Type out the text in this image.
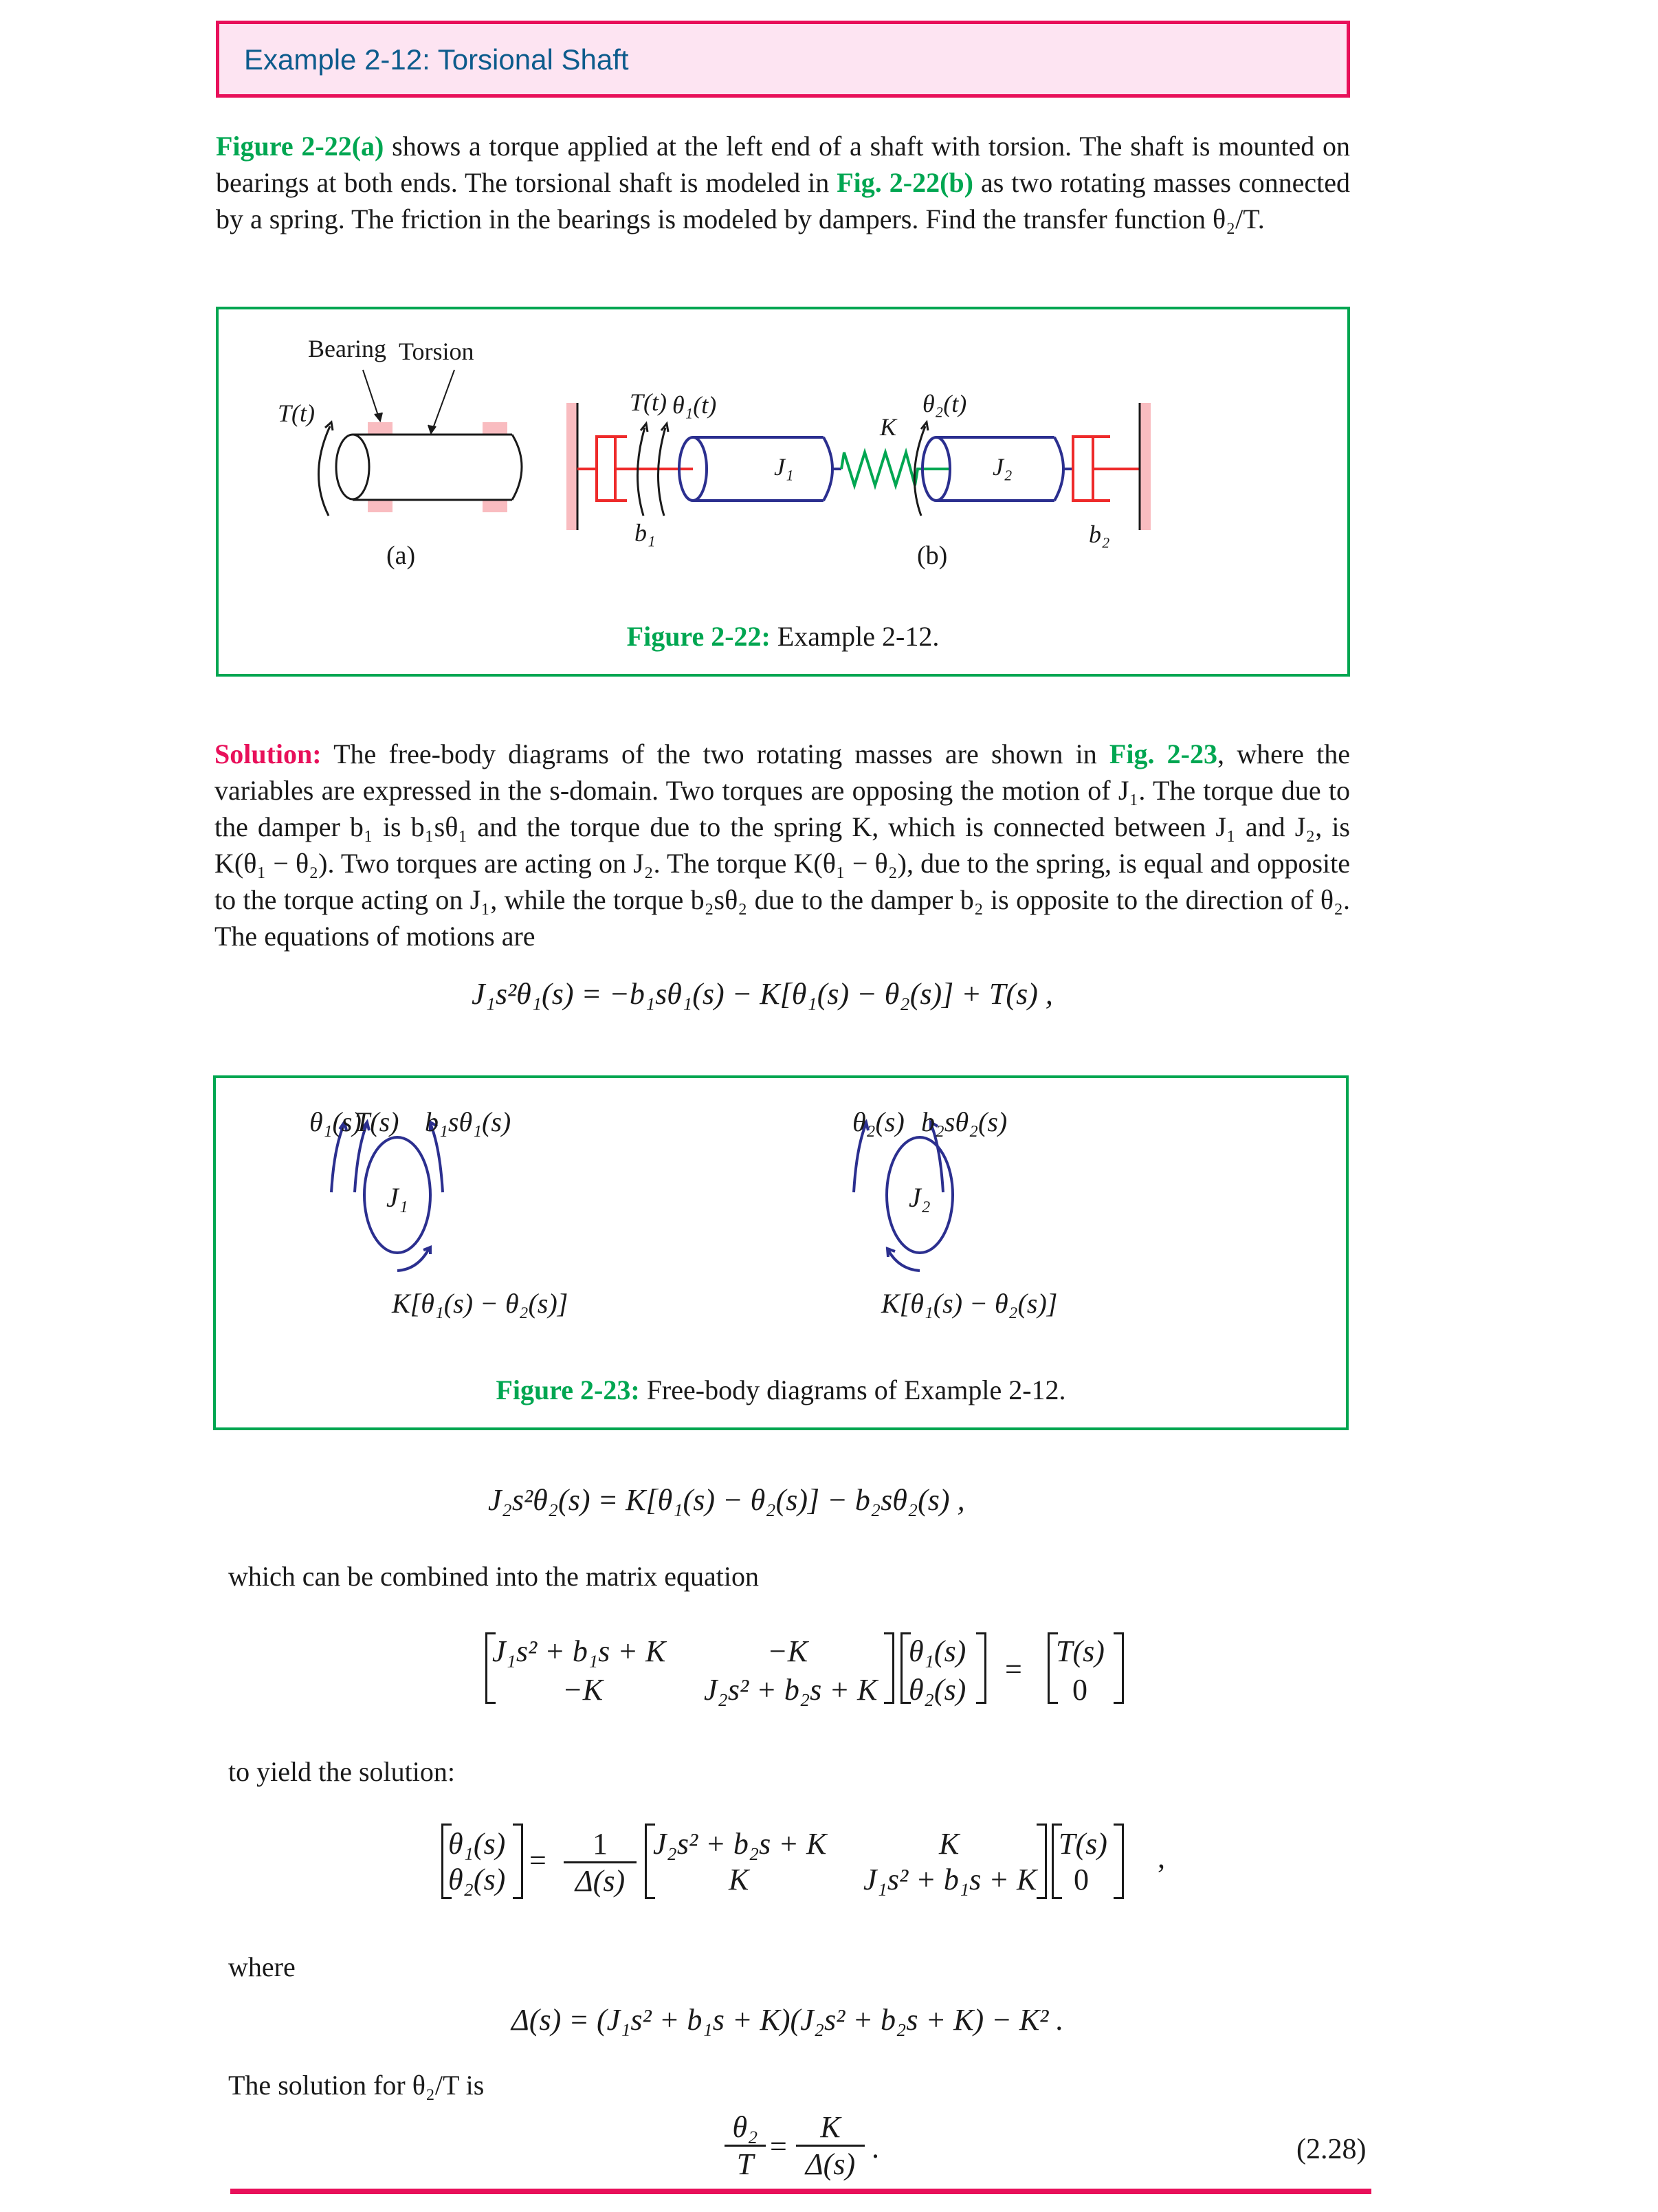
Example 2-12: Torsional Shaft

Figure 2-22(a) shows a torque applied at the left end of a shaft with torsion. The shaft is mounted on bearings at both ends. The torsional shaft is modeled in Fig. 2-22(b) as two rotating masses connected by a spring. The friction in the bearings is modeled by dampers. Find the transfer function θ₂/T.

Bearing Torsion
T(t)
(a)
T(t) θ₁(t)
K
θ₂(t)
J₁	J₂
b₁	b₂
(b)
Figure 2-22: Example 2-12.

Solution: The free-body diagrams of the two rotating masses are shown in Fig. 2-23, where the variables are expressed in the s-domain. Two torques are opposing the motion of J₁. The torque due to the damper b₁ is b₁sθ₁ and the torque due to the spring K, which is connected between J₁ and J₂, is K(θ₁ − θ₂). Two torques are acting on J₂. The torque K(θ₁ − θ₂), due to the spring, is equal and opposite to the torque acting on J₁, while the torque b₂sθ₂ due to the damper b₂ is opposite to the direction of θ₂. The equations of motions are

J₁s²θ₁(s) = −b₁sθ₁(s) − K[θ₁(s) − θ₂(s)] + T(s) ,
θ₁(s)
T(s) b₁sθ₁(s)
J₁
K[θ₁(s) − θ₂(s)]
θ₂(s) b₂sθ₂(s)
J₂
K[θ₁(s) − θ₂(s)]
Figure 2-23: Free-body diagrams of Example 2-12.
J₂s²θ₂(s) = K[θ₁(s) − θ₂(s)] − b₂sθ₂(s) ,
which can be combined into the matrix equation
J₁s² + b₁s + K	−K
−K	J₂s² + b₂s + K
θ₁(s)
θ₂(s)
=
T(s)
0
to yield the solution:
θ₁(s)
θ₂(s)
= $\frac{1}{\Delta(s)} J_2s^2 + b_2s + K$	K
K	J₁s² + b₁s + K
T(s)
0
,
where
Δ(s) = (J₁s² + b₁s + K)(J₂s² + b₂s + K) − K² .
The solution for θ₂/T is
$\frac{\text{θ₂}}{T} = \frac{K}{\Delta(s)}$ .	(2.28)
